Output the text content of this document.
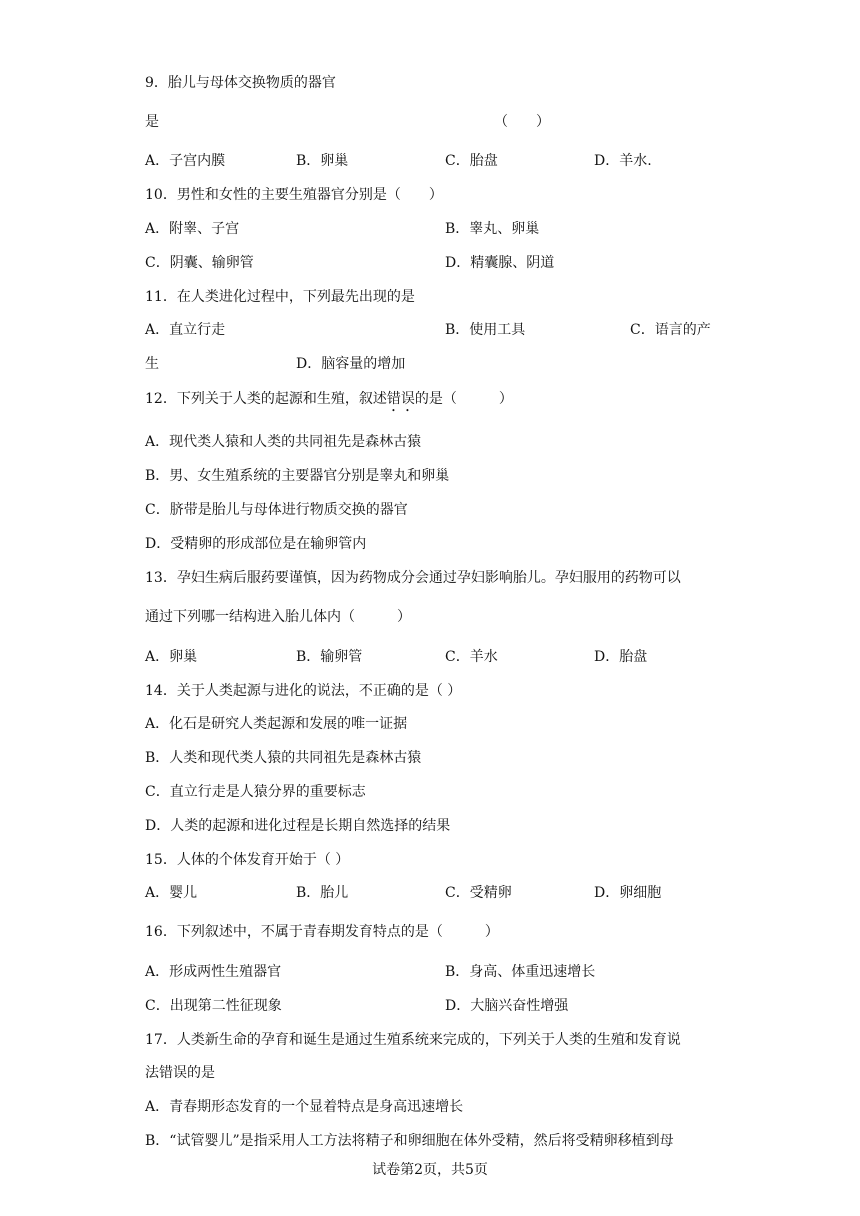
9．胎儿与母体交换物质的器官
是	（　　）
A．子宫内膜	B．卵巢	C．胎盘	D．羊水.
10．男性和女性的主要生殖器官分别是（　　）
A．附睾、子宫	B．睾丸、卵巢
C．阴囊、输卵管	D．精囊腺、阴道
11．在人类进化过程中，下列最先出现的是
A．直立行走	B．使用工具	C．语言的产
生	D．脑容量的增加
12．下列关于人类的起源和生殖，叙述错误的是（　　　）
A．现代类人猿和人类的共同祖先是森林古猿
B．男、女生殖系统的主要器官分别是睾丸和卵巢
C．脐带是胎儿与母体进行物质交换的器官
D．受精卵的形成部位是在输卵管内
13．孕妇生病后服药要谨慎，因为药物成分会通过孕妇影响胎儿。孕妇服用的药物可以
通过下列哪一结构进入胎儿体内（　　　）
A．卵巢	B．输卵管	C．羊水	D．胎盘
14．关于人类起源与进化的说法，不正确的是（ ）
A．化石是研究人类起源和发展的唯一证据
B．人类和现代类人猿的共同祖先是森林古猿
C．直立行走是人猿分界的重要标志
D．人类的起源和进化过程是长期自然选择的结果
15．人体的个体发育开始于（ ）
A．婴儿	B．胎儿	C．受精卵	D．卵细胞
16．下列叙述中，不属于青春期发育特点的是（　　　）
A．形成两性生殖器官	B．身高、体重迅速增长
C．出现第二性征现象	D．大脑兴奋性增强
17．人类新生命的孕育和诞生是通过生殖系统来完成的，下列关于人类的生殖和发育说
法错误的是
A．青春期形态发育的一个显着特点是身高迅速增长
B．“试管婴儿”是指采用人工方法将精子和卵细胞在体外受精，然后将受精卵移植到母
试卷第2页，共5页
